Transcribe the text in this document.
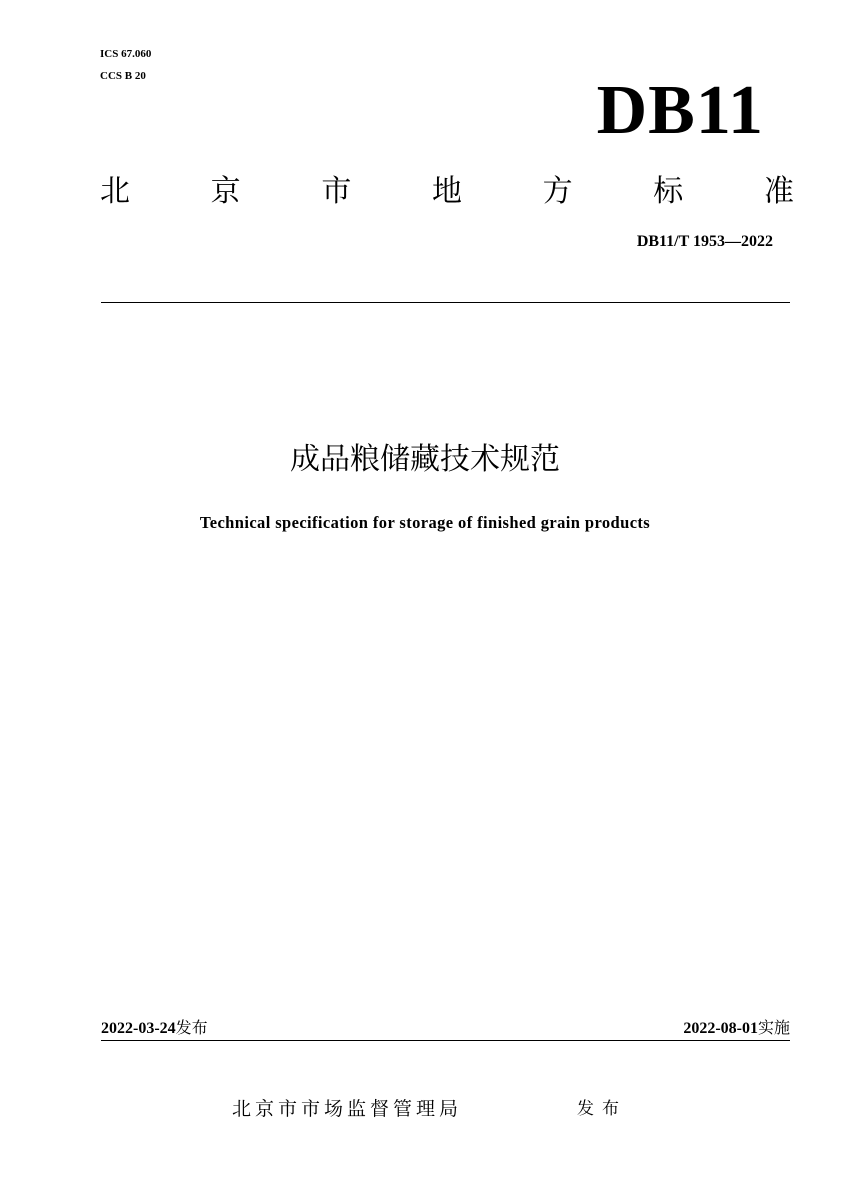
ICS 67.060
CCS B 20	DB11
北	京	市	地	方	标	准
DB11/T 1953—2022
成品粮储藏技术规范
Technical specification for storage of finished grain products
2022-03-24发布	2022-08-01实施
北京市市场监督管理局	发布
